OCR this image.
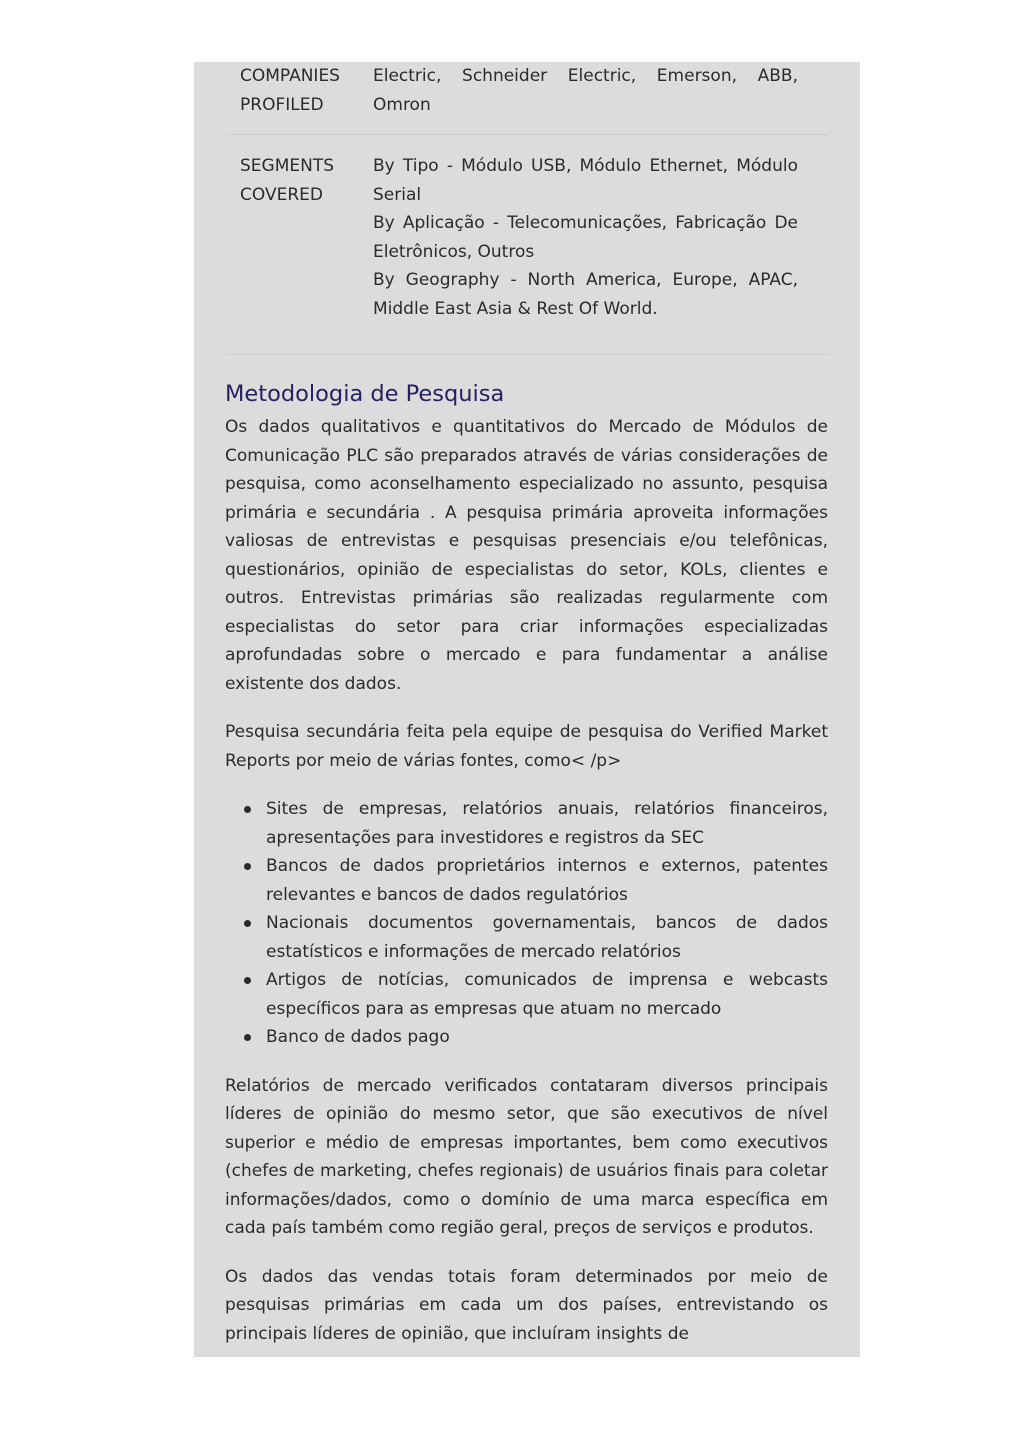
COMPANIES
PROFILED
Electric, Schneider Electric, Emerson, ABB, Omron
SEGMENTS
COVERED
By Tipo - Módulo USB, Módulo Ethernet, Módulo Serial
By Aplicação - Telecomunicações, Fabricação De Eletrônicos, Outros
By Geography - North America, Europe, APAC, Middle East Asia & Rest Of World.
Metodologia de Pesquisa

Os dados qualitativos e quantitativos do Mercado de Módulos de Comunicação PLC são preparados através de várias considerações de pesquisa, como aconselhamento especializado no assunto, pesquisa primária e secundária . A pesquisa primária aproveita informações valiosas de entrevistas e pesquisas presenciais e/ou telefônicas, questionários, opinião de especialistas do setor, KOLs, clientes e outros. Entrevistas primárias são realizadas regularmente com especialistas do setor para criar informações especializadas aprofundadas sobre o mercado e para fundamentar a análise existente dos dados.

Pesquisa secundária feita pela equipe de pesquisa do Verified Market Reports por meio de várias fontes, como< /p>

Sites de empresas, relatórios anuais, relatórios financeiros, apresentações para investidores e registros da SEC
Bancos de dados proprietários internos e externos, patentes relevantes e bancos de dados regulatórios
Nacionais documentos governamentais, bancos de dados estatísticos e informações de mercado relatórios
Artigos de notícias, comunicados de imprensa e webcasts específicos para as empresas que atuam no mercado
Banco de dados pago

Relatórios de mercado verificados contataram diversos principais líderes de opinião do mesmo setor, que são executivos de nível superior e médio de empresas importantes, bem como executivos (chefes de marketing, chefes regionais) de usuários finais para coletar informações/dados, como o domínio de uma marca específica em cada país também como região geral, preços de serviços e produtos.

Os dados das vendas totais foram determinados por meio de pesquisas primárias em cada um dos países, entrevistando os principais líderes de opinião, que incluíram insights de
